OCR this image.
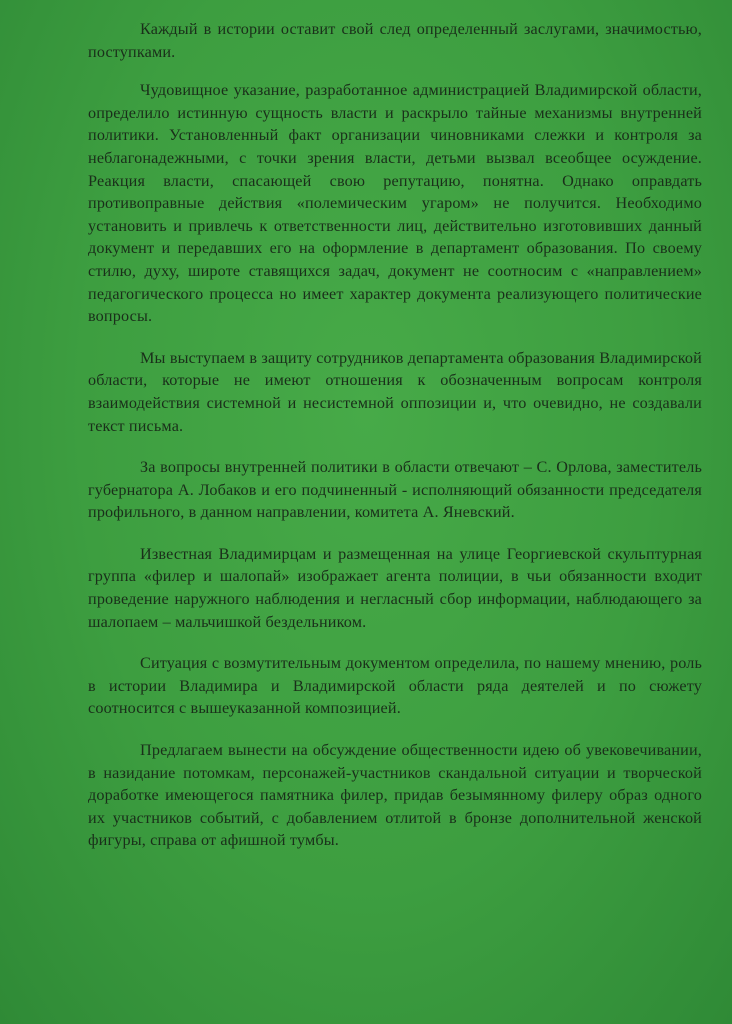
Каждый в истории оставит свой след определенный заслугами, значимостью, поступками.

Чудовищное указание, разработанное администрацией Владимирской области, определило истинную сущность власти и раскрыло тайные механизмы внутренней политики. Установленный факт организации чиновниками слежки и контроля за неблагонадежными, с точки зрения власти, детьми вызвал всеобщее осуждение. Реакция власти, спасающей свою репутацию, понятна. Однако оправдать противоправные действия «полемическим угаром» не получится. Необходимо установить и привлечь к ответственности лиц, действительно изготовивших данный документ и передавших его на оформление в департамент образования. По своему стилю, духу, широте ставящихся задач, документ не соотносим с «направлением» педагогического процесса но имеет характер документа реализующего политические вопросы.

Мы выступаем в защиту сотрудников департамента образования Владимирской области, которые не имеют отношения к обозначенным вопросам контроля взаимодействия системной и несистемной оппозиции и, что очевидно, не создавали текст письма.

За вопросы внутренней политики в области отвечают – С. Орлова, заместитель губернатора А. Лобаков и его подчиненный - исполняющий обязанности председателя профильного, в данном направлении, комитета А. Яневский.

Известная Владимирцам и размещенная на улице Георгиевской скульптурная группа «филер и шалопай» изображает агента полиции, в чьи обязанности входит проведение наружного наблюдения и негласный сбор информации, наблюдающего за шалопаем – мальчишкой бездельником.

Ситуация с возмутительным документом определила, по нашему мнению, роль в истории Владимира и Владимирской области ряда деятелей и по сюжету соотносится с вышеуказанной композицией.

Предлагаем вынести на обсуждение общественности идею об увековечивании, в назидание потомкам, персонажей-участников скандальной ситуации и творческой доработке имеющегося памятника филер, придав безымянному филеру образ одного их участников событий, с добавлением отлитой в бронзе дополнительной женской фигуры, справа от афишной тумбы.
